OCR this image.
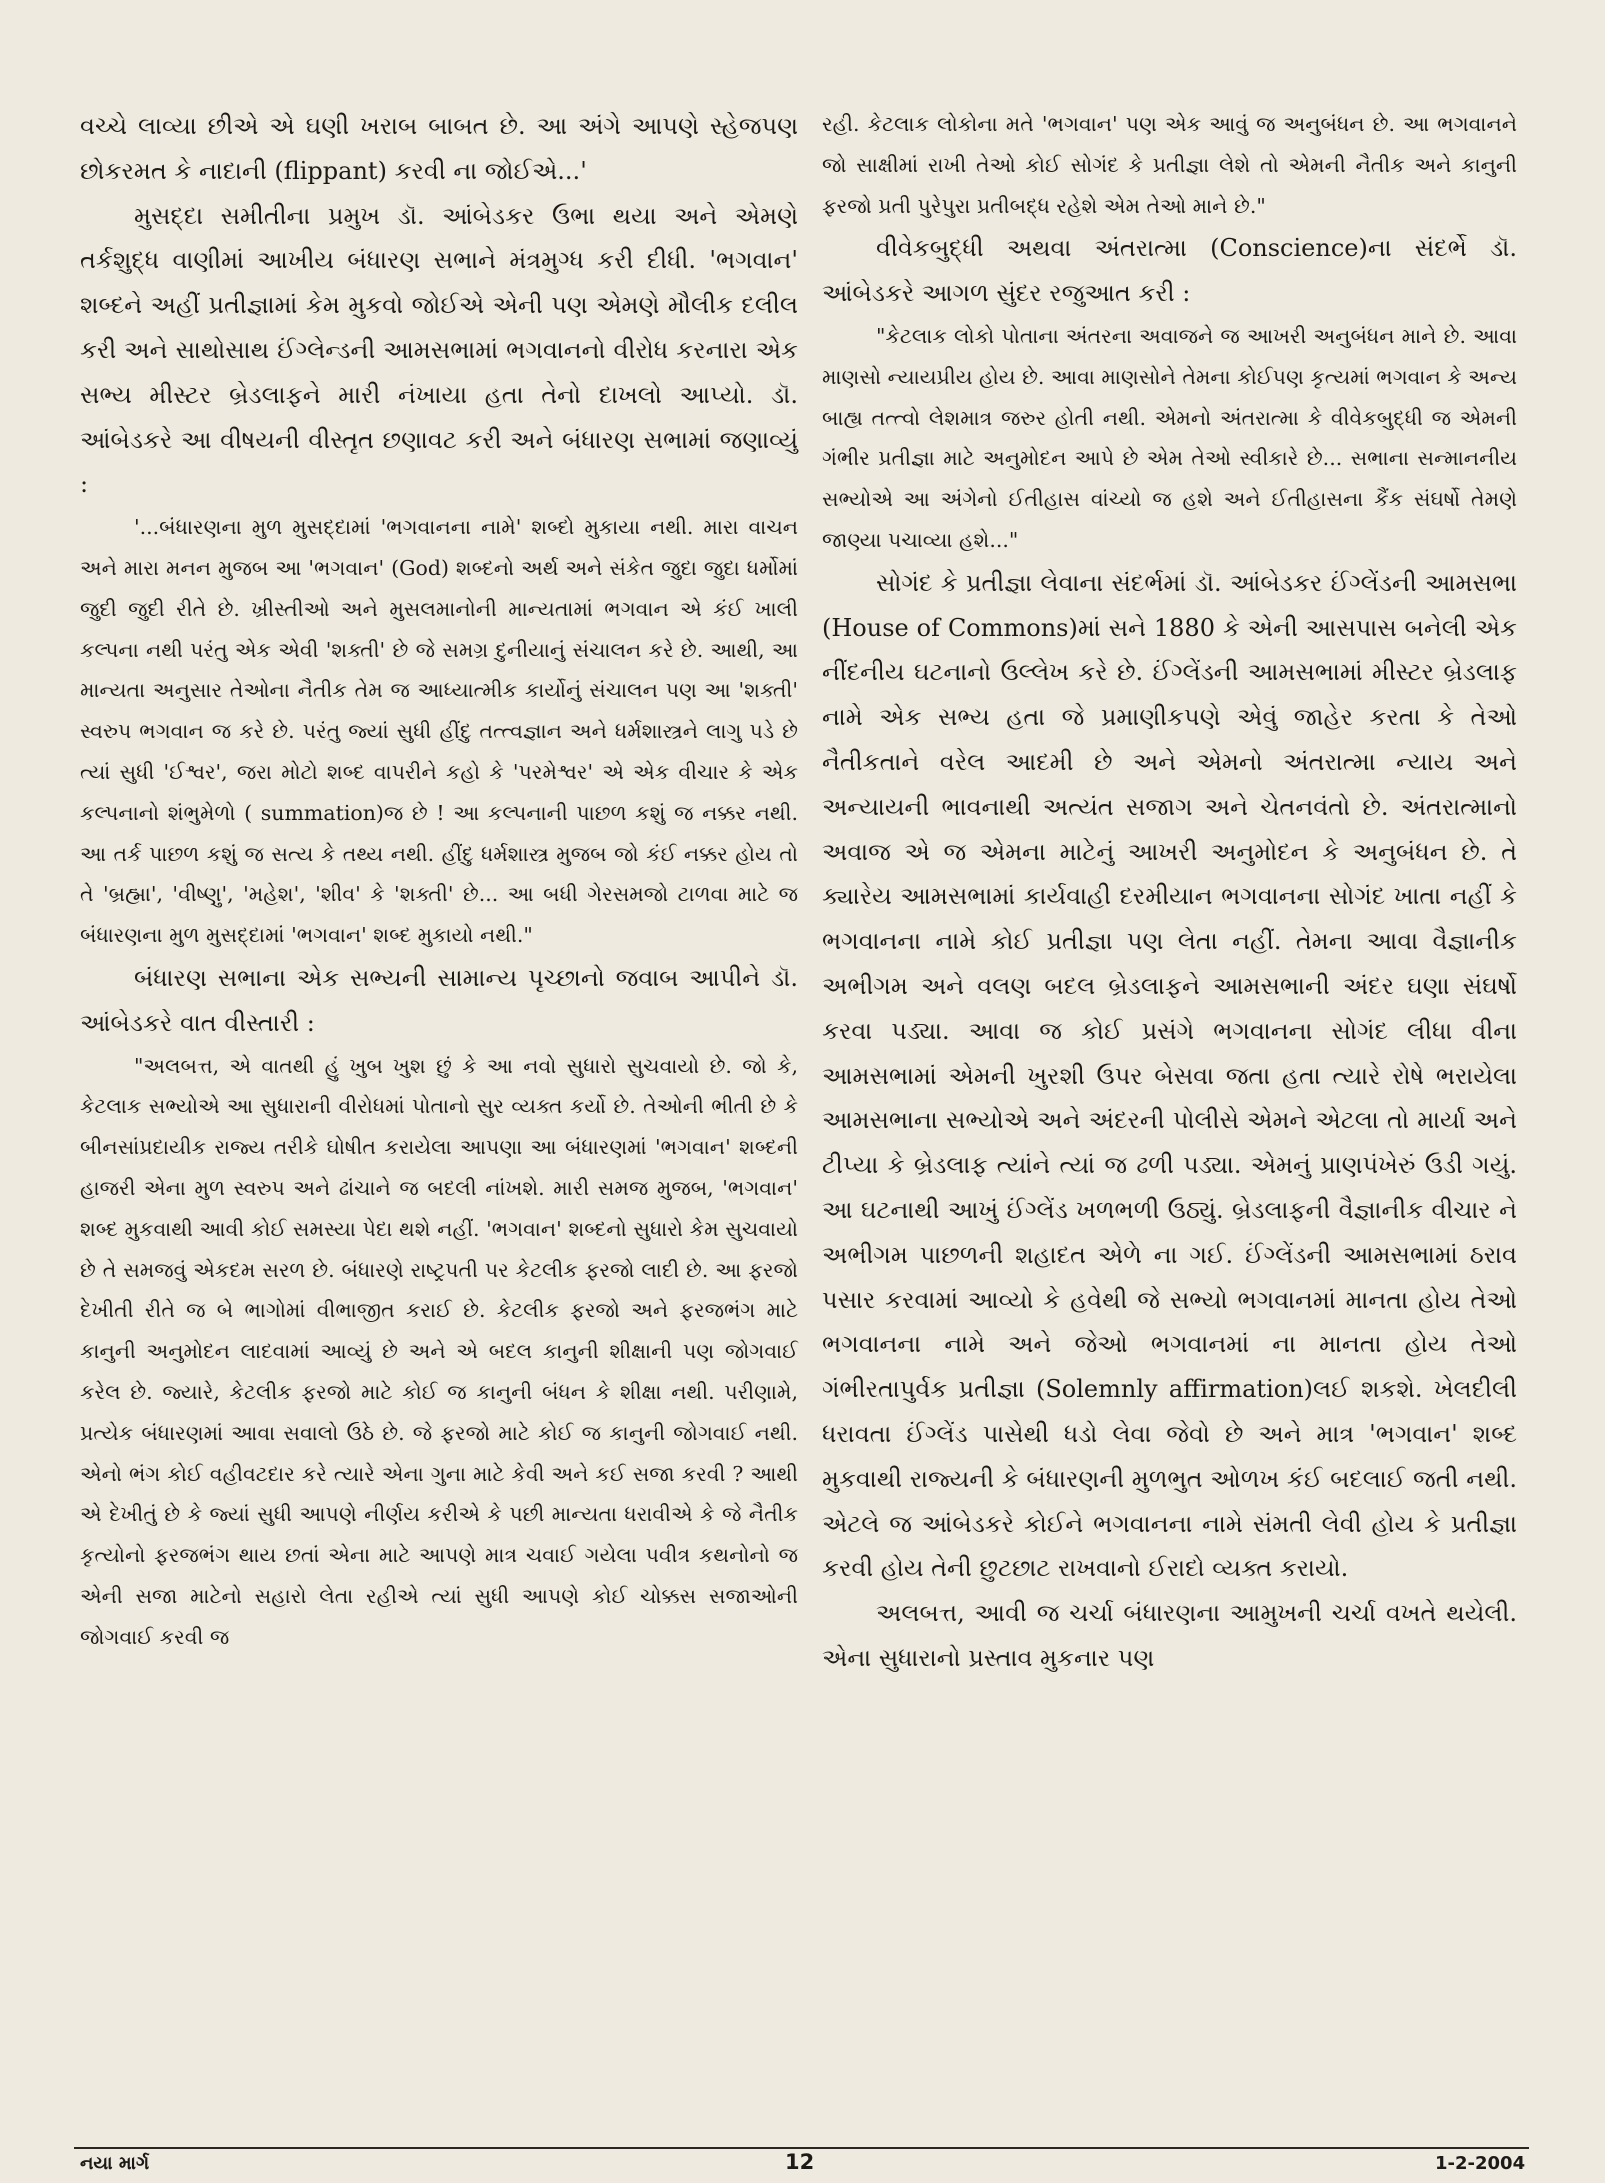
વચ્ચે લાવ્યા છીએ એ ઘણી ખરાબ બાબત છે. આ અંગે આપણે સ્હેજપણ છોકરમત કે નાદાની (flippant) કરવી ના જોઈએ...'

મુસદ્દા સમીતીના પ્રમુખ ડૉ. આંબેડકર ઉભા થયા અને એમણે તર્કશુદ્ધ વાણીમાં આખીય બંધારણ સભાને મંત્રમુગ્ધ કરી દીધી. 'ભગવાન' શબ્દને અહીં પ્રતીજ્ઞામાં કેમ મુકવો જોઈએ એની પણ એમણે મૌલીક દલીલ કરી અને સાથોસાથ ઈંગ્લેન્ડની આમસભામાં ભગવાનનો વીરોધ કરનારા એક સભ્ય મીસ્ટર બ્રેડલાફને મારી નંખાયા હતા તેનો દાખલો આપ્યો. ડૉ. આંબેડકરે આ વીષયની વીસ્તૃત છણાવટ કરી અને બંધારણ સભામાં જણાવ્યું :

'...બંધારણના મુળ મુસદ્દામાં 'ભગવાનના નામે' શબ્દો મુકાયા નથી. મારા વાચન અને મારા મનન મુજબ આ 'ભગવાન' (God) શબ્દનો અર્થ અને સંકેત જુદા જુદા ધર્મોમાં જુદી જુદી રીતે છે. ખ્રીસ્તીઓ અને મુસલમાનોની માન્યતામાં ભગવાન એ કંઈ ખાલી કલ્પના નથી પરંતુ એક એવી 'શક્તી' છે જે સમગ્ર દુનીયાનું સંચાલન કરે છે. આથી, આ માન્યતા અનુસાર તેઓના નૈતીક તેમ જ આધ્યાત્મીક કાર્યોનું સંચાલન પણ આ 'શક્તી' સ્વરુપ ભગવાન જ કરે છે. પરંતુ જ્યાં સુધી હીંદુ તત્ત્વજ્ઞાન અને ધર્મશાસ્ત્રને લાગુ પડે છે ત્યાં સુધી 'ઈશ્વર', જરા મોટો શબ્દ વાપરીને કહો કે 'પરમેશ્વર' એ એક વીચાર કે એક કલ્પનાનો શંભુમેળો ( summation)જ છે ! આ કલ્પનાની પાછળ કશું જ નક્કર નથી. આ તર્ક પાછળ કશું જ સત્ય કે તથ્ય નથી. હીંદુ ધર્મશાસ્ત્ર મુજબ જો કંઈ નક્કર હોય તો તે 'બ્રહ્મા', 'વીષ્ણુ', 'મહેશ', 'શીવ' કે 'શક્તી' છે... આ બધી ગેરસમજો ટાળવા માટે જ બંધારણના મુળ મુસદ્દામાં 'ભગવાન' શબ્દ મુકાયો નથી."

બંધારણ સભાના એક સભ્યની સામાન્ય પૃચ્છાનો જવાબ આપીને ડૉ. આંબેડકરે વાત વીસ્તારી :

"અલબત્ત, એ વાતથી હું ખુબ ખુશ છું કે આ નવો સુધારો સુચવાયો છે. જો કે, કેટલાક સભ્યોએ આ સુધારાની વીરોધમાં પોતાનો સુર વ્યક્ત કર્યો છે. તેઓની ભીતી છે કે બીનસાંપ્રદાયીક રાજ્ય તરીકે ઘોષીત કરાયેલા આપણા આ બંધારણમાં 'ભગવાન' શબ્દની હાજરી એના મુળ સ્વરુપ અને ઢાંચાને જ બદલી નાંખશે. મારી સમજ મુજબ, 'ભગવાન' શબ્દ મુકવાથી આવી કોઈ સમસ્યા પેદા થશે નહીં. 'ભગવાન' શબ્દનો સુધારો કેમ સુચવાયો છે તે સમજવું એકદમ સરળ છે. બંધારણે રાષ્ટ્રપતી પર કેટલીક ફરજો લાદી છે. આ ફરજો દેખીતી રીતે જ બે ભાગોમાં વીભાજીત કરાઈ છે. કેટલીક ફરજો અને ફરજભંગ માટે કાનુની અનુમોદન લાદવામાં આવ્યું છે અને એ બદલ કાનુની શીક્ષાની પણ જોગવાઈ કરેલ છે. જ્યારે, કેટલીક ફરજો માટે કોઈ જ કાનુની બંધન કે શીક્ષા નથી. પરીણામે, પ્રત્યેક બંધારણમાં આવા સવાલો ઉઠે છે. જે ફરજો માટે કોઈ જ કાનુની જોગવાઈ નથી. એનો ભંગ કોઈ વહીવટદાર કરે ત્યારે એના ગુના માટે કેવી અને કઈ સજા કરવી ? આથી એ દેખીતું છે કે જ્યાં સુધી આપણે નીર્ણય કરીએ કે પછી માન્યતા ધરાવીએ કે જે નૈતીક કૃત્યોનો ફરજભંગ થાય છતાં એના માટે આપણે માત્ર ચવાઈ ગયેલા પવીત્ર કથનોનો જ એની સજા માટેનો સહારો લેતા રહીએ ત્યાં સુધી આપણે કોઈ ચોક્કસ સજાઓની જોગવાઈ કરવી જ

રહી. કેટલાક લોકોના મતે 'ભગવાન' પણ એક આવું જ અનુબંધન છે. આ ભગવાનને જો સાક્ષીમાં રાખી તેઓ કોઈ સોગંદ કે પ્રતીજ્ઞા લેશે તો એમની નૈતીક અને કાનુની ફરજો પ્રતી પુરેપુરા પ્રતીબદ્ધ રહેશે એમ તેઓ માને છે."

વીવેકબુદ્ધી અથવા અંતરાત્મા (Conscience)ના સંદર્ભે ડૉ. આંબેડકરે આગળ સુંદર રજુઆત કરી :

"કેટલાક લોકો પોતાના અંતરના અવાજને જ આખરી અનુબંધન માને છે. આવા માણસો ન્યાયપ્રીય હોય છે. આવા માણસોને તેમના કોઈપણ કૃત્યમાં ભગવાન કે અન્ય બાહ્ય તત્ત્વો લેશમાત્ર જરુર હોતી નથી. એમનો અંતરાત્મા કે વીવેકબુદ્ધી જ એમની ગંભીર પ્રતીજ્ઞા માટે અનુમોદન આપે છે એમ તેઓ સ્વીકારે છે... સભાના સન્માનનીય સભ્યોએ આ અંગેનો ઈતીહાસ વાંચ્યો જ હશે અને ઈતીહાસના કૈંક સંઘર્ષો તેમણે જાણ્યા પચાવ્યા હશે..."

સોગંદ કે પ્રતીજ્ઞા લેવાના સંદર્ભમાં ડૉ. આંબેડકર ઈંગ્લેંડની આમસભા (House of Commons)માં સને 1880 કે એની આસપાસ બનેલી એક નીંદનીય ઘટનાનો ઉલ્લેખ કરે છે. ઈંગ્લેંડની આમસભામાં મીસ્ટર બ્રેડલાફ નામે એક સભ્ય હતા જે પ્રમાણીકપણે એવું જાહેર કરતા કે તેઓ નૈતીકતાને વરેલ આદમી છે અને એમનો અંતરાત્મા ન્યાય અને અન્યાયની ભાવનાથી અત્યંત સજાગ અને ચેતનવંતો છે. અંતરાત્માનો અવાજ એ જ એમના માટેનું આખરી અનુમોદન કે અનુબંધન છે. તે ક્યારેય આમસભામાં કાર્યવાહી દરમીયાન ભગવાનના સોગંદ ખાતા નહીં કે ભગવાનના નામે કોઈ પ્રતીજ્ઞા પણ લેતા નહીં. તેમના આવા વૈજ્ઞાનીક અભીગમ અને વલણ બદલ બ્રેડલાફને આમસભાની અંદર ઘણા સંઘર્ષો કરવા પડ્યા. આવા જ કોઈ પ્રસંગે ભગવાનના સોગંદ લીધા વીના આમસભામાં એમની ખુરશી ઉપર બેસવા જતા હતા ત્યારે રોષે ભરાયેલા આમસભાના સભ્યોએ અને અંદરની પોલીસે એમને એટલા તો માર્યા અને ટીપ્યા કે બ્રેડલાફ ત્યાંને ત્યાં જ ઢળી પડ્યા. એમનું પ્રાણપંખેરું ઉડી ગયું. આ ઘટનાથી આખું ઈંગ્લેંડ ખળભળી ઉઠ્યું. બ્રેડલાફની વૈજ્ઞાનીક વીચાર ને અભીગમ પાછળની શહાદત એળે ના ગઈ. ઈંગ્લેંડની આમસભામાં ઠરાવ પસાર કરવામાં આવ્યો કે હવેથી જે સભ્યો ભગવાનમાં માનતા હોય તેઓ ભગવાનના નામે અને જેઓ ભગવાનમાં ના માનતા હોય તેઓ ગંભીરતાપુર્વક પ્રતીજ્ઞા (Solemnly affirmation)લઈ શકશે. ખેલદીલી ધરાવતા ઈંગ્લેંડ પાસેથી ધડો લેવા જેવો છે અને માત્ર 'ભગવાન' શબ્દ મુકવાથી રાજ્યની કે બંધારણની મુળભુત ઓળખ કંઈ બદલાઈ જતી નથી. એટલે જ આંબેડકરે કોઈને ભગવાનના નામે સંમતી લેવી હોય કે પ્રતીજ્ઞા કરવી હોય તેની છુટછાટ રાખવાનો ઈરાદો વ્યક્ત કરાયો.

અલબત્ત, આવી જ ચર્ચા બંધારણના આમુખની ચર્ચા વખતે થયેલી. એના સુધારાનો પ્રસ્તાવ મુકનાર પણ

નયા માર્ગ	12	1-2-2004
